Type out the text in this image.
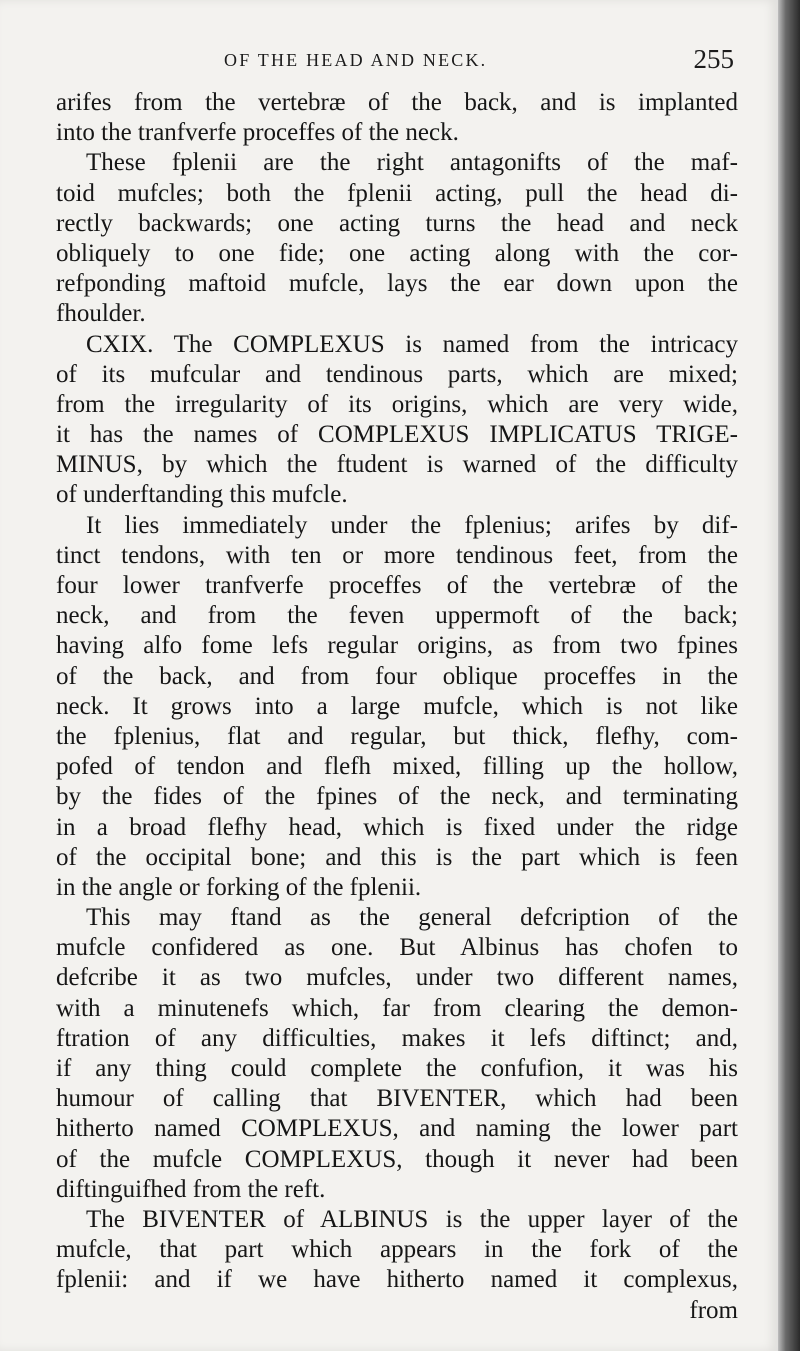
OF THE HEAD AND NECK.	255
arifes from the vertebræ of the back, and is implanted
into the tranfverfe proceffes of the neck.
These fplenii are the right antagonifts of the maf-
toid mufcles; both the fplenii acting, pull the head di-
rectly backwards; one acting turns the head and neck
obliquely to one fide; one acting along with the cor-
refponding maftoid mufcle, lays the ear down upon the
fhoulder.
CXIX. The COMPLEXUS is named from the intricacy
of its mufcular and tendinous parts, which are mixed;
from the irregularity of its origins, which are very wide,
it has the names of COMPLEXUS IMPLICATUS TRIGE-
MINUS, by which the ftudent is warned of the difficulty
of underftanding this mufcle.
It lies immediately under the fplenius; arifes by dif-
tinct tendons, with ten or more tendinous feet, from the
four lower tranfverfe proceffes of the vertebræ of the
neck, and from the feven uppermoft of the back;
having alfo fome lefs regular origins, as from two fpines
of the back, and from four oblique proceffes in the
neck. It grows into a large mufcle, which is not like
the fplenius, flat and regular, but thick, flefhy, com-
pofed of tendon and flefh mixed, filling up the hollow,
by the fides of the fpines of the neck, and terminating
in a broad flefhy head, which is fixed under the ridge
of the occipital bone; and this is the part which is feen
in the angle or forking of the fplenii.
This may ftand as the general defcription of the
mufcle confidered as one. But Albinus has chofen to
defcribe it as two mufcles, under two different names,
with a minutenefs which, far from clearing the demon-
ftration of any difficulties, makes it lefs diftinct; and,
if any thing could complete the confufion, it was his
humour of calling that BIVENTER, which had been
hitherto named COMPLEXUS, and naming the lower part
of the mufcle COMPLEXUS, though it never had been
diftinguifhed from the reft.
The BIVENTER of ALBINUS is the upper layer of the
mufcle, that part which appears in the fork of the
fplenii: and if we have hitherto named it complexus,
from
